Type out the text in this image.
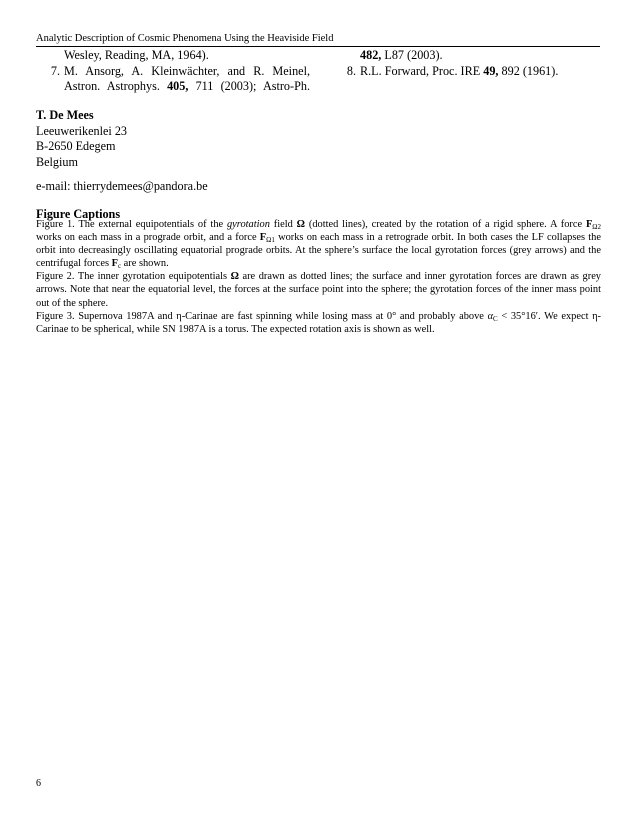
Analytic Description of Cosmic Phenomena Using the Heaviside Field
Wesley, Reading, MA, 1964).
7. M. Ansorg, A. Kleinwächter, and R. Meinel,
Astron. Astrophys. 405, 711 (2003); Astro-Ph.
482, L87 (2003).
8. R.L. Forward, Proc. IRE 49, 892 (1961).
T. De Mees
Leeuwerikenlei 23
B-2650 Edegem
Belgium
e-mail: thierrydemees@pandora.be
Figure Captions

Figure 1. The external equipotentials of the gyrotation field Ω (dotted lines), created by the rotation of a rigid sphere. A force $F_{\Omega 2}$ works on each mass in a prograde orbit, and a force $F_{\Omega 1}$ works on each mass in a retrograde orbit. In both cases the LF collapses the orbit into decreasingly oscillating equatorial prograde orbits. At the sphere’s surface the local gyrotation forces (grey arrows) and the centrifugal forces $F_c$ are shown.

Figure 2. The inner gyrotation equipotentials Ω are drawn as dotted lines; the surface and inner gyrotation forces are drawn as grey arrows. Note that near the equatorial level, the forces at the surface point into the sphere; the gyrotation forces of the inner mass point out of the sphere.

Figure 3. Supernova 1987A and η-Carinae are fast spinning while losing mass at 0° and probably above $\alpha_C < 35^\circ 16'$. We expect η-Carinae to be spherical, while SN 1987A is a torus. The expected rotation axis is shown as well.

6
